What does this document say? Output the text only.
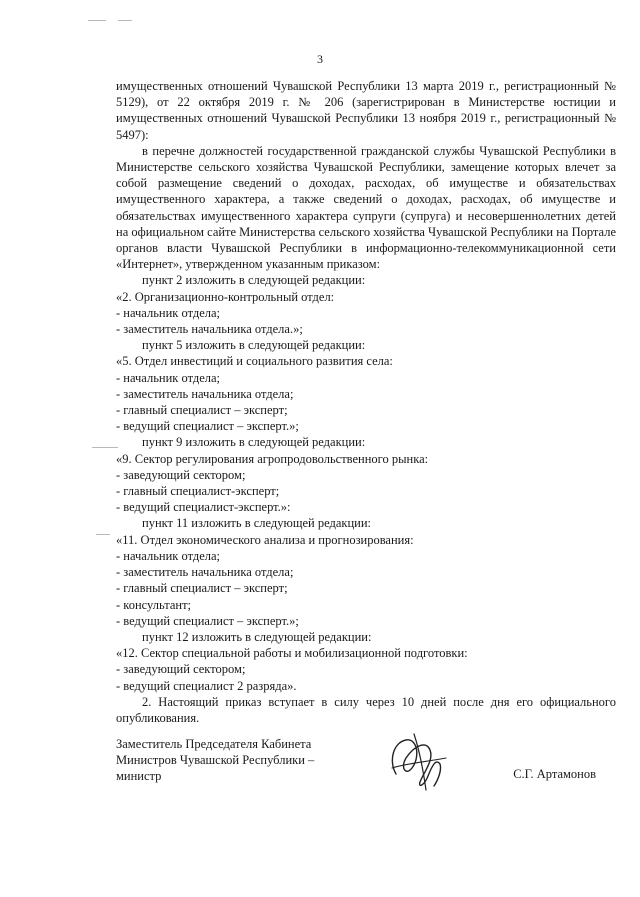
3

имущественных отношений Чувашской Республики 13 марта 2019 г., регистрационный № 5129), от 22 октября 2019 г. № 206 (зарегистрирован в Министерстве юстиции и имущественных отношений Чувашской Республики 13 ноября 2019 г., регистрационный № 5497):

в перечне должностей государственной гражданской службы Чувашской Республики в Министерстве сельского хозяйства Чувашской Республики, замещение которых влечет за собой размещение сведений о доходах, расходах, об имуществе и обязательствах имущественного характера, а также сведений о доходах, расходах, об имуществе и обязательствах имущественного характера супруги (супруга) и несовершеннолетних детей на официальном сайте Министерства сельского хозяйства Чувашской Республики на Портале органов власти Чувашской Республики в информационно-телекоммуникационной сети «Интернет», утвержденном указанным приказом:

пункт 2 изложить в следующей редакции:

«2. Организационно-контрольный отдел:

- начальник отдела;

- заместитель начальника отдела.»;

пункт 5 изложить в следующей редакции:

«5. Отдел инвестиций и социального развития села:

- начальник отдела;

- заместитель начальника отдела;

- главный специалист – эксперт;

- ведущий специалист – эксперт.»;

пункт 9 изложить в следующей редакции:

«9. Сектор регулирования агропродовольственного рынка:

- заведующий сектором;

- главный специалист-эксперт;

- ведущий специалист-эксперт.»:

пункт 11 изложить в следующей редакции:

«11. Отдел экономического анализа и прогнозирования:

- начальник отдела;

- заместитель начальника отдела;

- главный специалист – эксперт;

- консультант;

- ведущий специалист – эксперт.»;

пункт 12 изложить в следующей редакции:

«12. Сектор специальной работы и мобилизационной подготовки:

- заведующий сектором;

- ведущий специалист 2 разряда».

2. Настоящий приказ вступает в силу через 10 дней после дня его официального опубликования.

Заместитель Председателя Кабинета
Министров Чувашской Республики –
министр	С.Г. Артамонов
